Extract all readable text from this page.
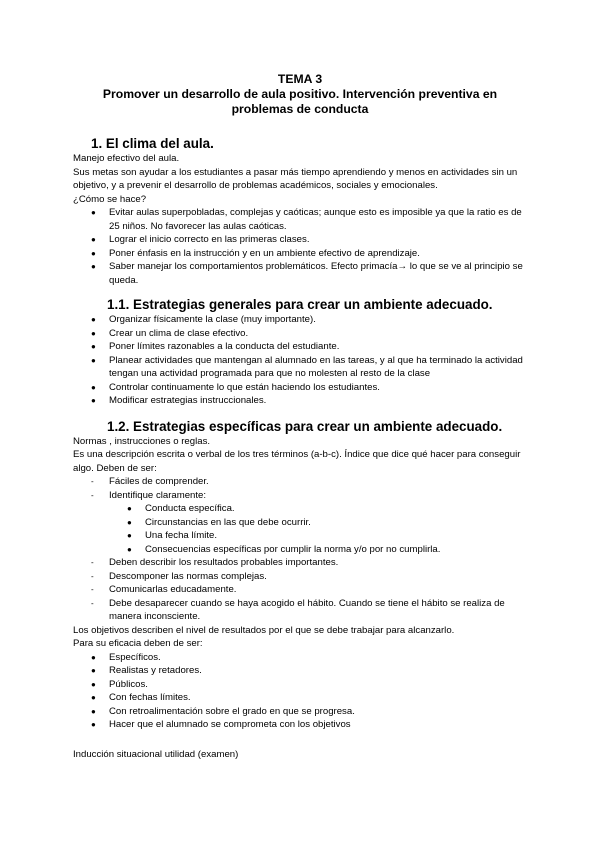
TEMA 3
Promover un desarrollo de aula positivo. Intervención preventiva en
problemas de conducta
1. El clima del aula.

Manejo efectivo del aula.

Sus metas son ayudar a los estudiantes a pasar más tiempo aprendiendo y menos en actividades sin un objetivo, y a prevenir el desarrollo de problemas académicos, sociales y emocionales.

¿Cómo se hace?

● Evitar aulas superpobladas, complejas y caóticas; aunque esto es imposible ya que la ratio es de 25 niños. No favorecer las aulas caóticas.
● Lograr el inicio correcto en las primeras clases.
● Poner énfasis en la instrucción y en un ambiente efectivo de aprendizaje.
● Saber manejar los comportamientos problemáticos. Efecto primacía→ lo que se ve al principio se queda.
1.1. Estrategias generales para crear un ambiente adecuado.
● Organizar físicamente la clase (muy importante).
● Crear un clima de clase efectivo.
● Poner límites razonables a la conducta del estudiante.
● Planear actividades que mantengan al alumnado en las tareas, y al que ha terminado la actividad tengan una actividad programada para que no molesten al resto de la clase
● Controlar continuamente lo que están haciendo los estudiantes.
● Modificar estrategias instruccionales.
1.2. Estrategias específicas para crear un ambiente adecuado.

Normas , instrucciones o reglas.

Es una descripción escrita o verbal de los tres términos (a-b-c). Índice que dice qué hacer para conseguir algo. Deben de ser:

- Fáciles de comprender.
- Identifique claramente:
● Conducta específica.
● Circunstancias en las que debe ocurrir.
● Una fecha límite.
● Consecuencias específicas por cumplir la norma y/o por no cumplirla.
- Deben describir los resultados probables importantes.
- Descomponer las normas complejas.
- Comunicarlas educadamente.
- Debe desaparecer cuando se haya acogido el hábito. Cuando se tiene el hábito se realiza de manera inconsciente.

Los objetivos describen el nivel de resultados por el que se debe trabajar para alcanzarlo.

Para su eficacia deben de ser:

● Específicos.
● Realistas y retadores.
● Públicos.
● Con fechas límites.
● Con retroalimentación sobre el grado en que se progresa.
● Hacer que el alumnado se comprometa con los objetivos

Inducción situacional utilidad (examen)
